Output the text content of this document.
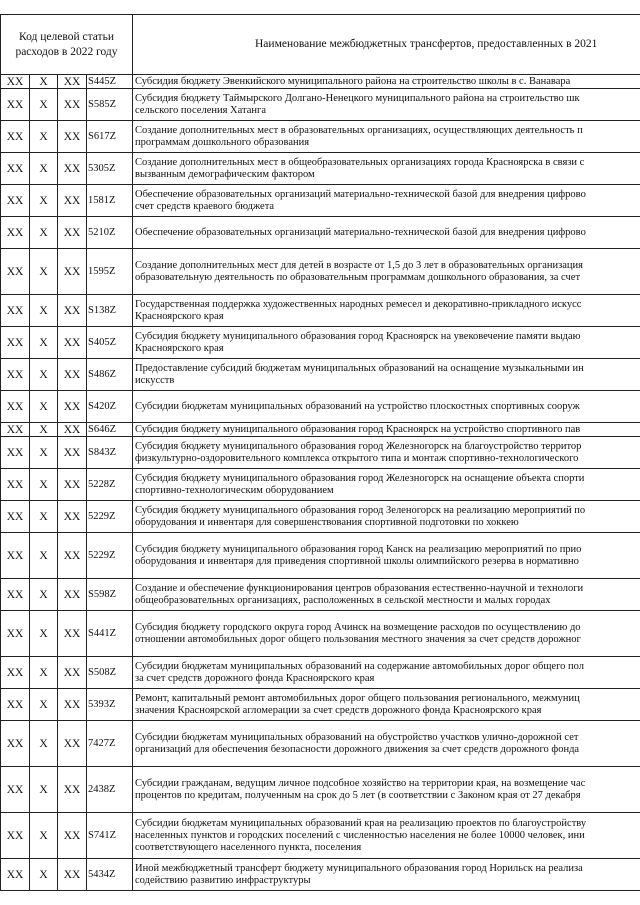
Код целевой статьи расходов в 2022 году				Наименование межбюджетных трансфертов, предоставленных в 2021
XX	X	XX	S445Z	Субсидия бюджету Эвенкийского муниципального района на строительство школы в с. Ванавара

XX	X	XX	S585Z	Субсидия бюджету Таймырского Долгано-Ненецкого муниципального района на строительство шк
сельского поселения Хатанга

XX	X	XX	S617Z	Создание дополнительных мест в образовательных организациях, осуществляющих деятельность п
программам дошкольного образования

XX	X	XX	5305Z	Создание дополнительных мест в общеобразовательных организациях города Красноярска в связи с
вызванным демографическим фактором

XX	X	XX	1581Z	Обеспечение образовательных организаций материально-технической базой для внедрения цифрово
счет средств краевого бюджета

XX	X	XX	5210Z	Обеспечение образовательных организаций материально-технической базой для внедрения цифрово

XX	X	XX	1595Z	Создание дополнительных мест для детей в возрасте от 1,5 до 3 лет в образовательных организация
образовательную деятельность по образовательным программам дошкольного образования, за счет

XX	X	XX	S138Z	Государственная поддержка художественных народных ремесел и декоративно-прикладного искусс
Красноярского края

XX	X	XX	S405Z	Субсидия бюджету муниципального образования город Красноярск на увековечение памяти выдаю
Красноярского края

XX	X	XX	S486Z	Предоставление субсидий бюджетам муниципальных образований на оснащение музыкальными ин
искусств

XX	X	XX	S420Z	Субсидии бюджетам муниципальных образований на устройство плоскостных спортивных сооруж

XX	X	XX	S646Z	Субсидия бюджету муниципального образования город Красноярск на устройство спортивного пав

XX	X	XX	S843Z	Субсидия бюджету муниципального образования город Железногорск на благоустройство территор
физкультурно-оздоровительного комплекса открытого типа и монтаж спортивно-технологического

XX	X	XX	5228Z	Субсидия бюджету муниципального образования город Железногорск на оснащение объекта спорти
спортивно-технологическим оборудованием

XX	X	XX	5229Z	Субсидия бюджету муниципального образования город Зеленогорск на реализацию мероприятий по
оборудования и инвентаря для совершенствования спортивной подготовки по хоккею

XX	X	XX	5229Z	Субсидия бюджету муниципального образования город Канск на реализацию мероприятий по прио
оборудования и инвентаря для приведения спортивной школы олимпийского резерва в нормативно

XX	X	XX	S598Z	Создание и обеспечение функционирования центров образования естественно-научной и технологи
общеобразовательных организациях, расположенных в сельской местности и малых городах

XX	X	XX	S441Z	Субсидия бюджету городского округа город Ачинск на возмещение расходов по осуществлению до
отношении автомобильных дорог общего пользования местного значения за счет средств дорожног

XX	X	XX	S508Z	Субсидии бюджетам муниципальных образований на содержание автомобильных дорог общего пол
за счет средств дорожного фонда Красноярского края

XX	X	XX	5393Z	Ремонт, капитальный ремонт автомобильных дорог общего пользования регионального, межмуниц
значения Красноярской агломерации за счет средств дорожного фонда Красноярского края

XX	X	XX	7427Z	Субсидии бюджетам муниципальных образований на обустройство участков улично-дорожной сет
организаций для обеспечения безопасности дорожного движения за счет средств дорожного фонда

XX	X	XX	2438Z	Субсидии гражданам, ведущим личное подсобное хозяйство на территории края, на возмещение час
процентов по кредитам, полученным на срок до 5 лет (в соответствии с Законом края от 27 декабря

XX	X	XX	S741Z	Субсидии бюджетам муниципальных образований края на реализацию проектов по благоустройству
населенных пунктов и городских поселений с численностью населения не более 10000 человек, ини
соответствующего населенного пункта, поселения

XX	X	XX	5434Z	Иной межбюджетный трансферт бюджету муниципального образования город Норильск на реализа
содействию развитию инфраструктуры
